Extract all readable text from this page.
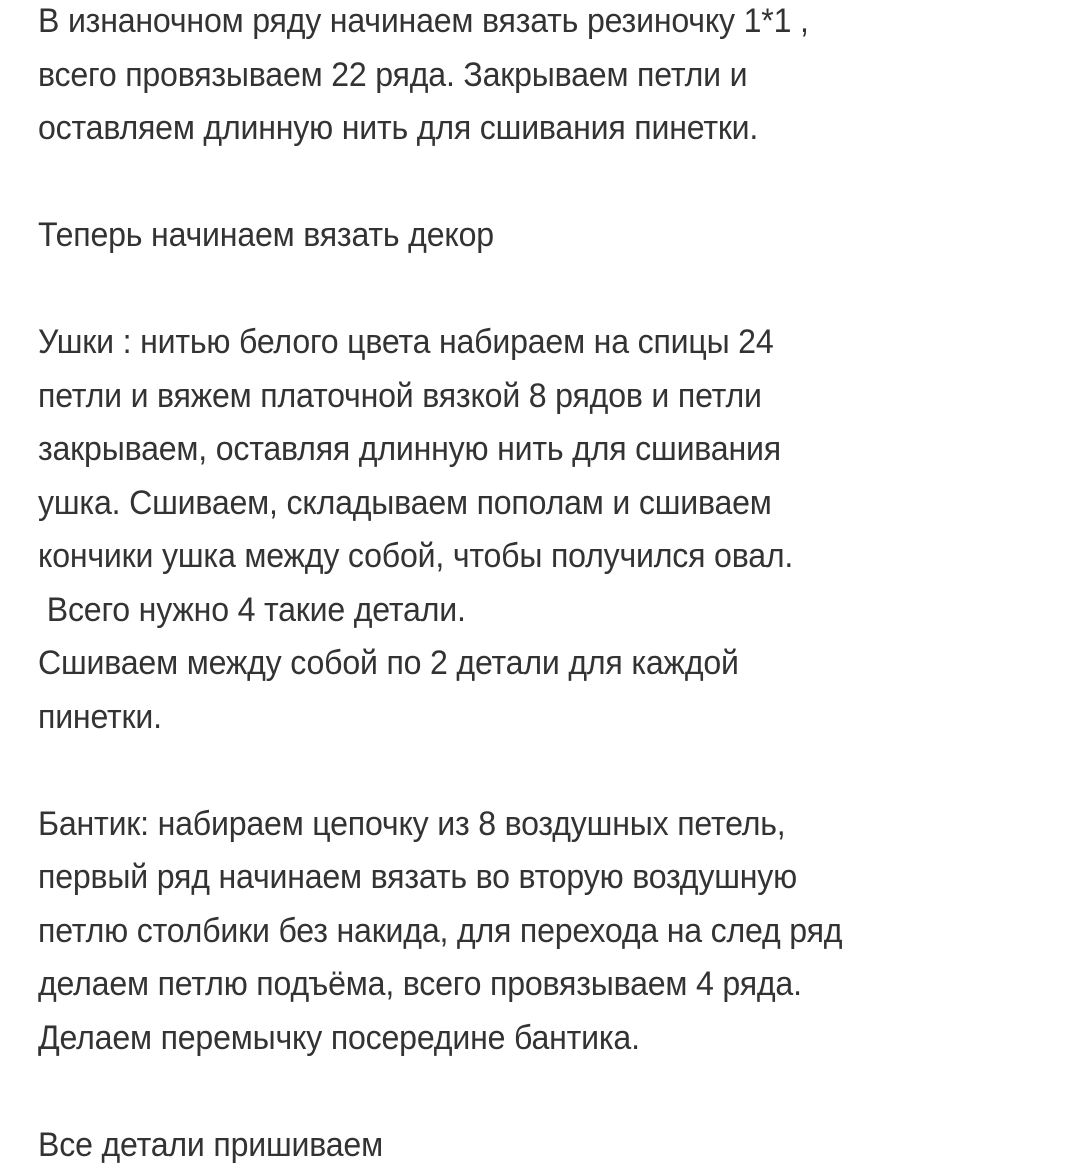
В изнаночном ряду начинаем вязать резиночку 1*1 ,
всего провязываем 22 ряда. Закрываем петли и
оставляем длинную нить для сшивания пинетки.
Теперь начинаем вязать декор
Ушки : нитью белого цвета набираем на спицы 24
петли и вяжем платочной вязкой 8 рядов и петли
закрываем, оставляя длинную нить для сшивания
ушка. Сшиваем, складываем пополам и сшиваем
кончики ушка между собой, чтобы получился овал.
Всего нужно 4 такие детали.
Сшиваем между собой по 2 детали для каждой
пинетки.
Бантик: набираем цепочку из 8 воздушных петель,
первый ряд начинаем вязать во вторую воздушную
петлю столбики без накида, для перехода на след ряд
делаем петлю подъёма, всего провязываем 4 ряда.
Делаем перемычку посередине бантика.
Все детали пришиваем
